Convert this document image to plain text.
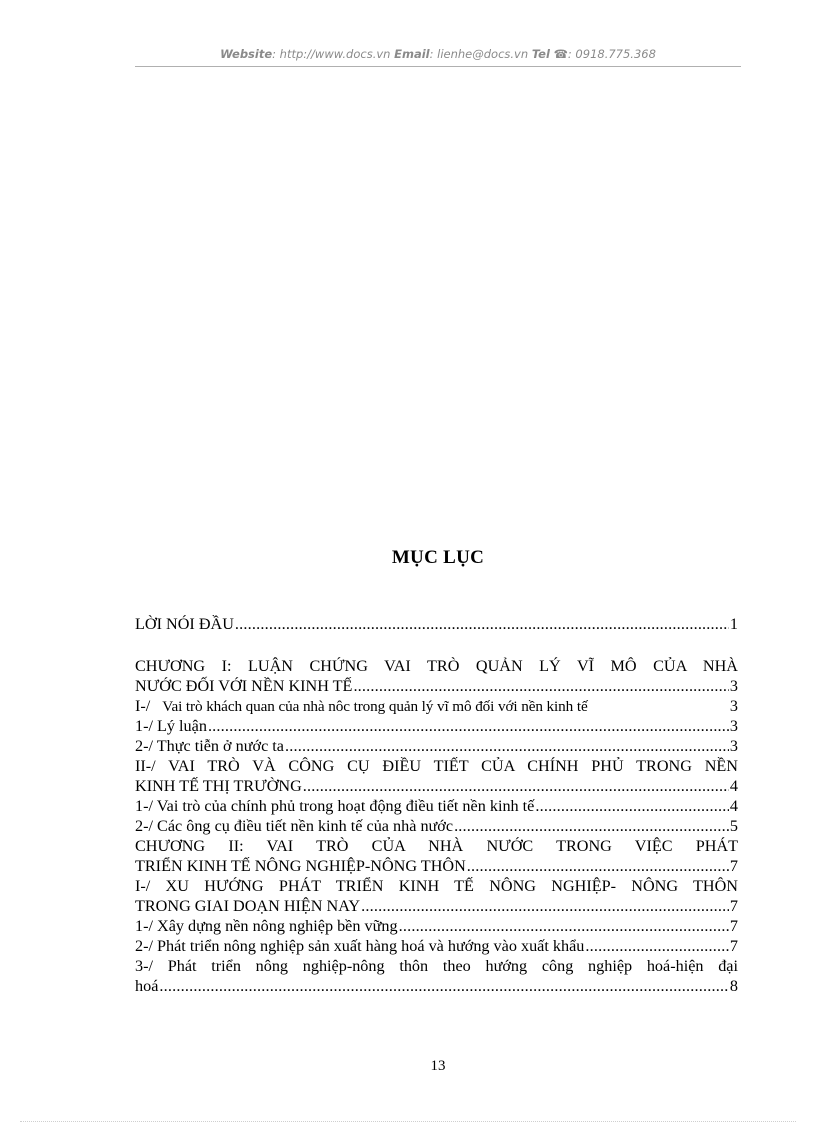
Website: http://www.docs.vn Email: lienhe@docs.vn Tel ☎: 0918.775.368
MỤC LỤC
LỜI NÓI ĐẦU .....	1
CHƯƠNG I: LUẬN CHỨNG VAI TRÒ QUẢN LÝ VĨ MÔ CỦA NHÀ
NƯỚC ĐỐI VỚI NỀN KINH TẾ .....	3
I-/ Vai trò khách quan của nhà nôc trong quản lý vĩ mô đối với nền kinh tế	3
1-/ Lý luận .....	3
2-/ Thực tiễn ở nước ta .....	3
II-/ VAI TRÒ VÀ CÔNG CỤ ĐIỀU TIẾT CỦA CHÍNH PHỦ TRONG NỀN
KINH TẾ THỊ TRƯỜNG .....	4
1-/ Vai trò của chính phủ trong hoạt động điều tiết nền kinh tế .....	4
2-/ Các ông cụ điều tiết nền kinh tế của nhà nước .....	5
CHƯƠNG II: VAI TRÒ CỦA NHÀ NƯỚC TRONG VIỆC PHÁT
TRIỂN KINH TẾ NÔNG NGHIỆP-NÔNG THÔN .....	7
I-/ XU HƯỚNG PHÁT TRIỂN KINH TẾ NÔNG NGHIỆP- NÔNG THÔN
TRONG GIAI DOẠN HIỆN NAY .....	7
1-/ Xây dựng nền nông nghiệp bền vững .....	7
2-/ Phát triển nông nghiệp sản xuất hàng hoá và hướng vào xuất khẩu .....	7
3-/ Phát triển nông nghiệp-nông thôn theo hướng công nghiệp hoá-hiện đại
hoá .....	8
13
